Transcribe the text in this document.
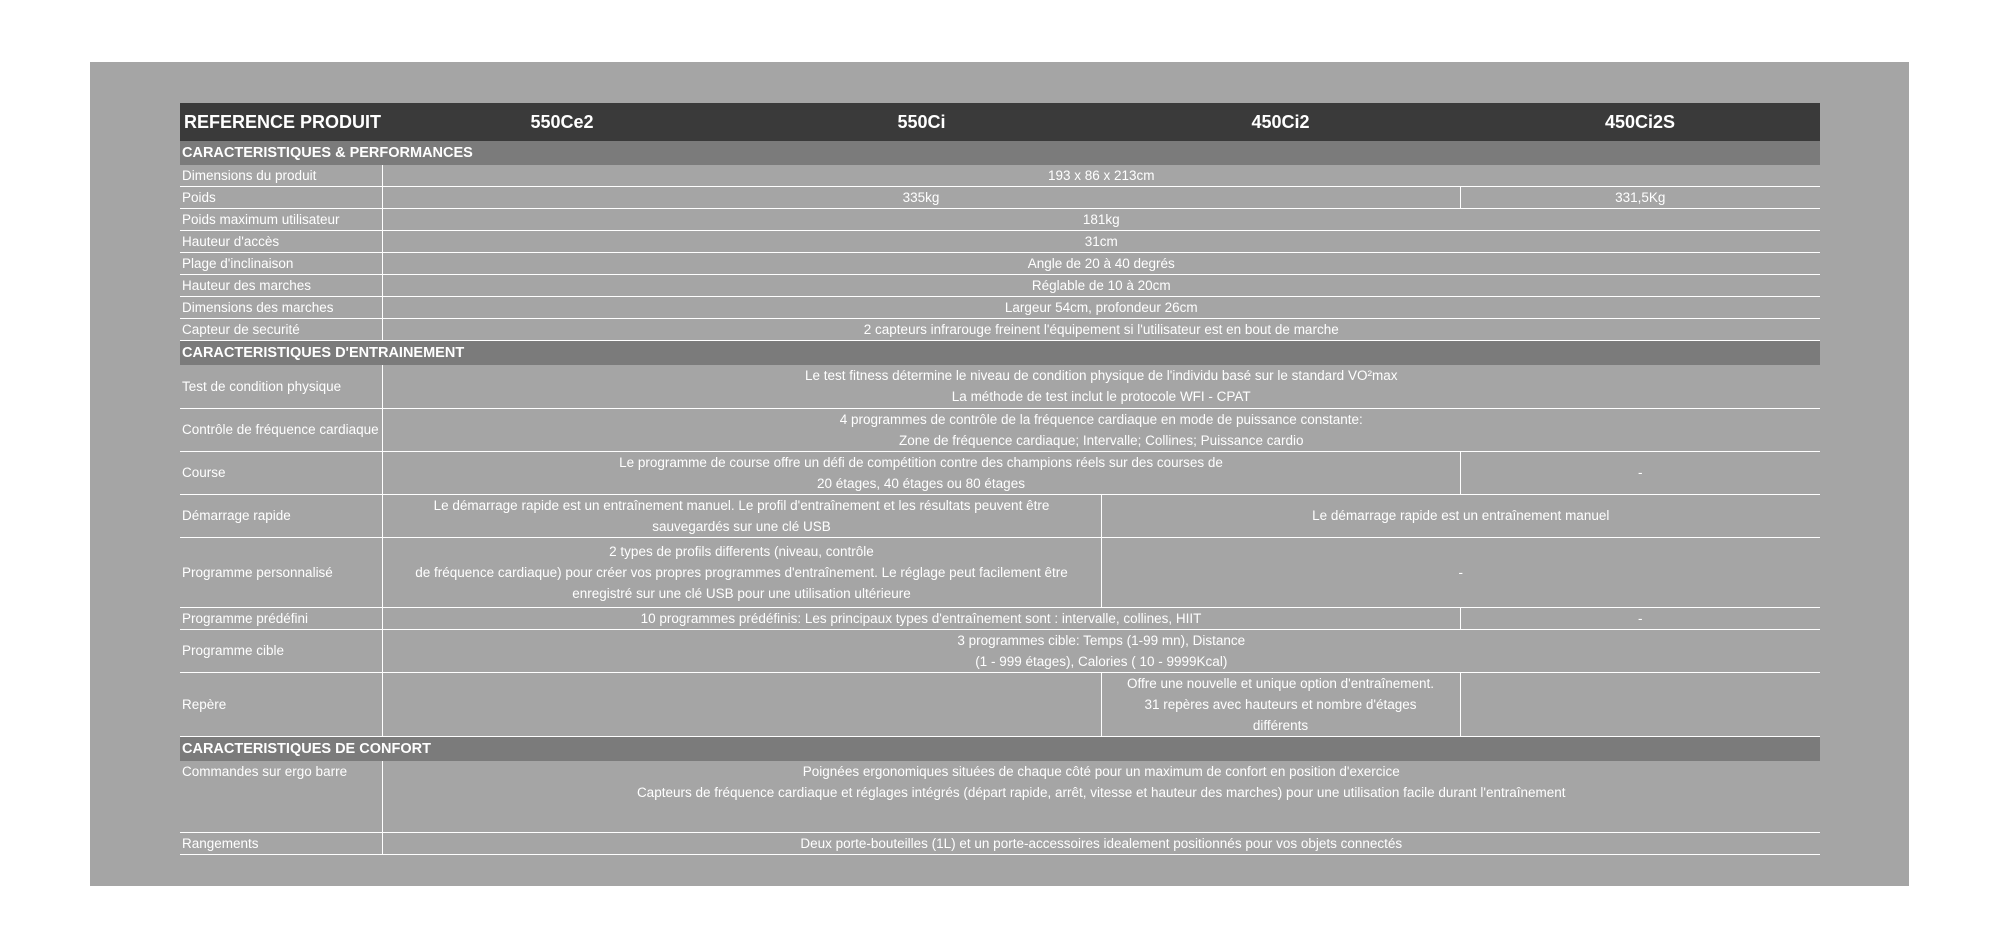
REFERENCE PRODUIT	550Ce2	550Ci	450Ci2	450Ci2S
CARACTERISTIQUES & PERFORMANCES				
Dimensions du produit	193 x 86 x 213cm			
Poids	335kg			331,5Kg
Poids maximum utilisateur	181kg			
Hauteur d'accès	31cm			
Plage d'inclinaison	Angle de 20 à 40 degrés			
Hauteur des marches	Réglable de 10 à 20cm			
Dimensions des marches	Largeur 54cm, profondeur 26cm			
Capteur de securité	2 capteurs infrarouge freinent l'équipement si l'utilisateur est en bout de marche			
CARACTERISTIQUES D'ENTRAINEMENT				
Test de condition physique	Le test fitness détermine le niveau de condition physique de l'individu basé sur le standard VO²max
La méthode de test inclut le protocole WFI - CPAT			
Contrôle de fréquence cardiaque	4 programmes de contrôle de la fréquence cardiaque en mode de puissance constante:
Zone de fréquence cardiaque; Intervalle; Collines; Puissance cardio			
Course	Le programme de course offre un défi de compétition contre des champions réels sur des courses de
20 étages, 40 étages ou 80 étages			-
Démarrage rapide	Le démarrage rapide est un entraînement manuel. Le profil d'entraînement et les résultats peuvent être
sauvegardés sur une clé USB		Le démarrage rapide est un entraînement manuel	
Programme personnalisé	2 types de profils differents (niveau, contrôle
de fréquence cardiaque) pour créer vos propres programmes d'entraînement. Le réglage peut facilement être
enregistré sur une clé USB pour une utilisation ultérieure		-	
Programme prédéfini	10 programmes prédéfinis: Les principaux types d'entraînement sont : intervalle, collines, HIIT			-
Programme cible	3 programmes cible: Temps (1-99 mn), Distance
(1 - 999 étages), Calories ( 10 - 9999Kcal)			
Repère			Offre une nouvelle et unique option d'entraînement.
31 repères avec hauteurs et nombre d'étages
différents	
CARACTERISTIQUES DE CONFORT				
Commandes sur ergo barre	Poignées ergonomiques situées de chaque côté pour un maximum de confort en position d'exercice
Capteurs de fréquence cardiaque et réglages intégrés (départ rapide, arrêt, vitesse et hauteur des marches) pour une utilisation facile durant l'entraînement			
Rangements	Deux porte-bouteilles (1L) et un porte-accessoires idealement positionnés pour vos objets connectés			
